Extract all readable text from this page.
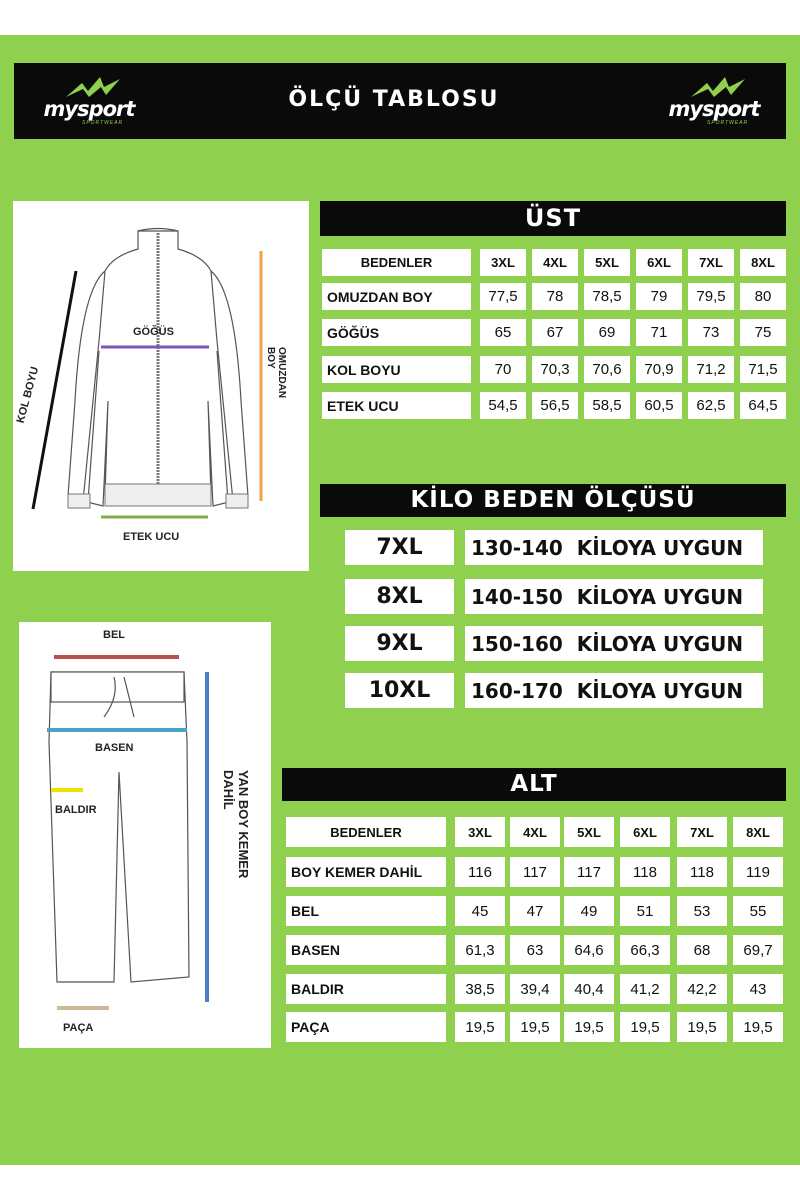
mysport
SPORTWEAR
ÖLÇÜ TABLOSU	mysport
SPORTWEAR
GÖĞÜS
KOL BOYU	OMUZDAN BOY
ETEK UCU
BEL
BASEN
BALDIR	YAN BOY KEMER DAHİL
PAÇA
ÜST
BEDENLER	3XL	4XL	5XL	6XL	7XL	8XL
OMUZDAN BOY	77,5	78	78,5	79	79,5	80
GÖĞÜS	65	67	69	71	73	75
KOL BOYU	70	70,3	70,6	70,9	71,2	71,5
ETEK UCU	54,5	56,5	58,5	60,5	62,5	64,5
KİLO BEDEN ÖLÇÜSÜ
7XL	130-140  KİLOYA UYGUN
8XL	140-150  KİLOYA UYGUN
9XL	150-160  KİLOYA UYGUN
10XL	160-170  KİLOYA UYGUN
ALT
BEDENLER	3XL	4XL	5XL	6XL	7XL	8XL
BOY KEMER DAHİL	116	117	117	118	118	119
BEL	45	47	49	51	53	55
BASEN	61,3	63	64,6	66,3	68	69,7
BALDIR	38,5	39,4	40,4	41,2	42,2	43
PAÇA	19,5	19,5	19,5	19,5	19,5	19,5
